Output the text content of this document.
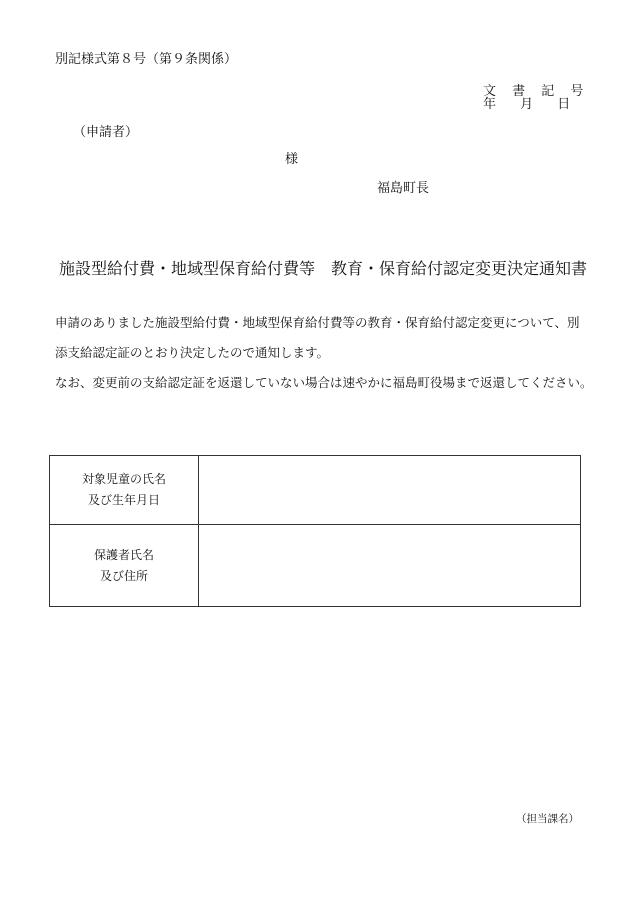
別記様式第８号（第９条関係）
文 書 記 号
年 月 日
（申請者）
様
福島町長
施設型給付費・地域型保育給付費等　教育・保育給付認定変更決定通知書
申請のありました施設型給付費・地域型保育給付費等の教育・保育給付認定変更について、別
添支給認定証のとおり決定したので通知します。
なお、変更前の支給認定証を返還していない場合は速やかに福島町役場まで返還してください。
対象児童の氏名
及び生年月日	

保護者氏名
及び住所	

（担当課名）
